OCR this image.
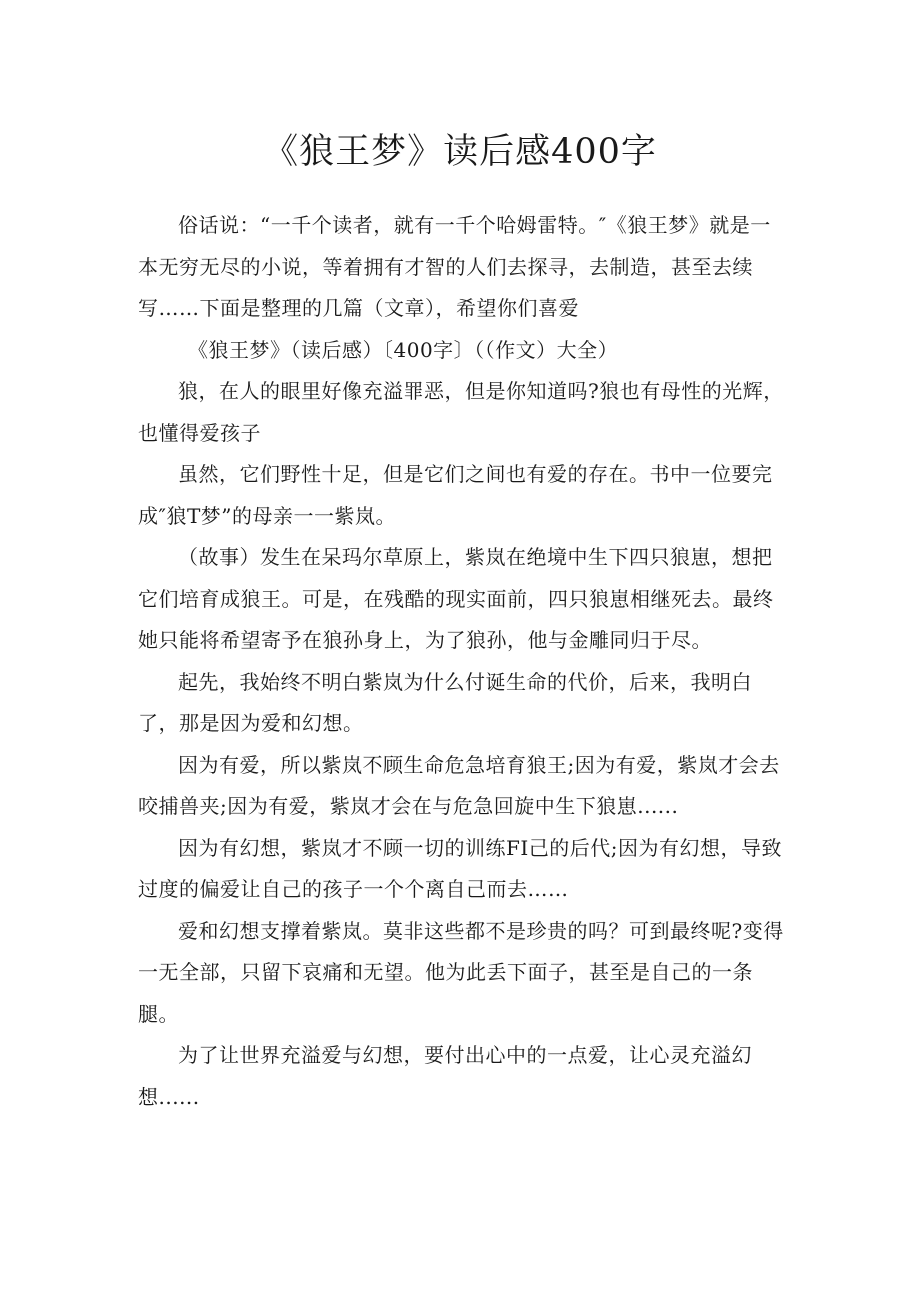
《狼王梦》读后感400字

俗话说：“一千个读者，就有一千个哈姆雷特。″《狼王梦》就是一本无穷无尽的小说，等着拥有才智的人们去探寻，去制造，甚至去续写……下面是整理的几篇（文章），希望你们喜爱

《狼王梦》（读后感）〔400字〕（（作文）大全）

狼，在人的眼里好像充溢罪恶，但是你知道吗?狼也有母性的光辉，也懂得爱孩子

虽然，它们野性十足，但是它们之间也有爱的存在。书中一位要完成″狼T梦”的母亲一一紫岚。

（故事）发生在呆玛尔草原上，紫岚在绝境中生下四只狼崽，想把它们培育成狼王。可是，在残酷的现实面前，四只狼崽相继死去。最终她只能将希望寄予在狼孙身上，为了狼孙，他与金雕同归于尽。

起先，我始终不明白紫岚为什么付诞生命的代价，后来，我明白了，那是因为爱和幻想。

因为有爱，所以紫岚不顾生命危急培育狼王;因为有爱，紫岚才会去咬捕兽夹;因为有爱，紫岚才会在与危急回旋中生下狼崽......

因为有幻想，紫岚才不顾一切的训练FI己的后代;因为有幻想，导致过度的偏爱让自己的孩子一个个离自己而去……

爱和幻想支撑着紫岚。莫非这些都不是珍贵的吗？可到最终呢?变得一无全部，只留下哀痛和无望。他为此丢下面子，甚至是自己的一条腿。

为了让世界充溢爱与幻想，要付出心中的一点爱，让心灵充溢幻想......
